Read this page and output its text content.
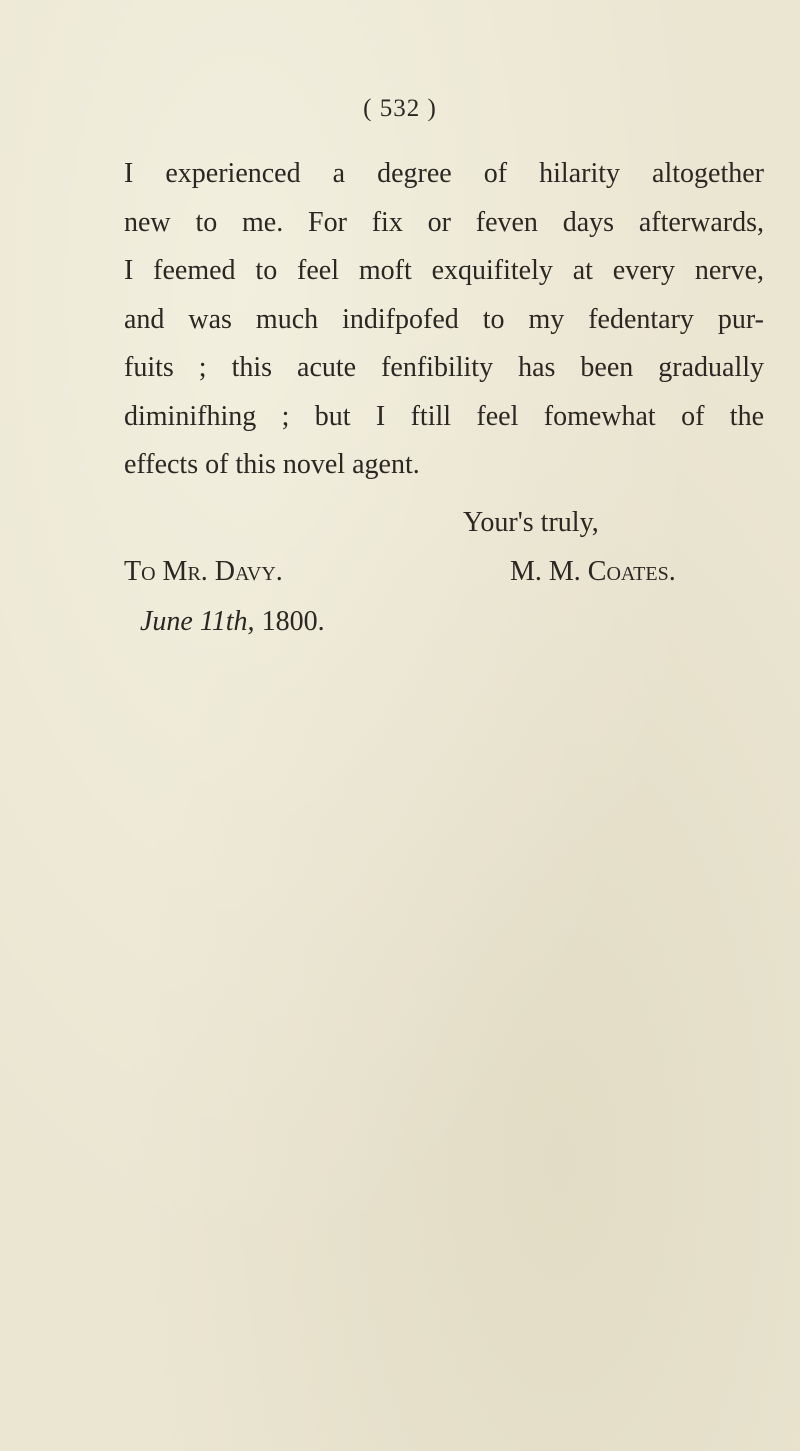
( 532 )
I experienced a degree of hilarity altogether
new to me. For fix or feven days afterwards,
I feemed to feel moft exquifitely at every nerve,
and was much indifpofed to my fedentary pur-
fuits ; this acute fenfibility has been gradually
diminifhing ; but I ftill feel fomewhat of the
effects of this novel agent.
Your's truly,
To Mr. Davy.	M. M. Coates.
June 11th, 1800.
